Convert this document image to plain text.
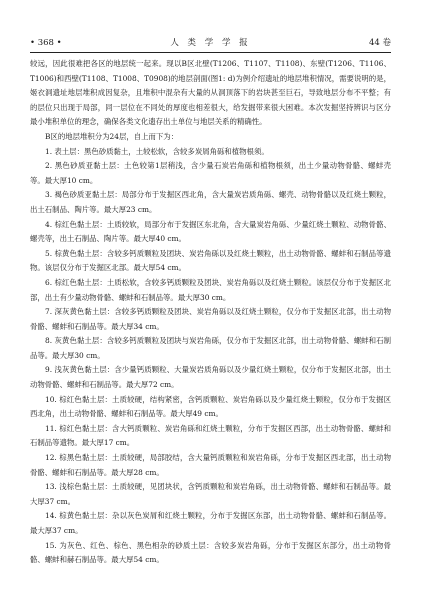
• 368 •	人 类 学 学 报	44 卷

较远，因此很难把各区的地层统一起来。现以B区北壁(T1206、T1107、T1108)、东壁(T1206、T1106、T1006)和西壁(T1108、T1008、T0908)的地层剖面(图1: d)为例介绍遗址的地层堆积情况，需要说明的是，姬衣洞遗址地层堆积成因复杂，且堆积中混杂有大量的从洞顶落下的岩块甚至巨石，导致地层分布不平整；有的层位只出现于局部，同一层位在不同处的厚度也相差很大，给发掘带来很大困难。本次发掘坚持辨识与区分最小堆积单位的理念，确保各类文化遗存出土单位与地层关系的精确性。

B区的地层堆积分为24层，自上而下为：

1. 表土层：黑色砂质黏土，土较松软，含较多炭屑角砾和植物根须。

2. 黑色砂质亚黏土层：土色较第1层稍浅，含少量石炭岩角砾和植物根须，出土少量动物骨骼、螺蚌壳等。最大厚10 cm。

3. 褐色砂质亚黏土层：局部分布于发掘区西北角，含大量炭岩质角砾、螺壳、动物骨骼以及红烧土颗粒，出土石制品、陶片等。最大厚23 cm。

4. 棕红色黏土层：土质较软，局部分布于发掘区东北角，含大量炭岩角砾、少量红烧土颗粒、动物骨骼、螺壳等，出土石制品、陶片等。最大厚40 cm。

5. 棕黄色黏土层：含较多钙质颗粒及团块、炭岩角砾以及红烧土颗粒，出土动物骨骼、螺蚌和石制品等遗物。该层仅分布于发掘区北部。最大厚54 cm。

6. 棕红色黏土层：土质松软，含较多钙质颗粒及团块、炭岩角砾以及红烧土颗粒。该层仅分布于发掘区北部，出土有少量动物骨骼、螺蚌和石制品等。最大厚30 cm。

7. 深灰黄色黏土层：含较多钙质颗粒及团块、炭岩角砾以及红烧土颗粒，仅分布于发掘区北部，出土动物骨骼、螺蚌和石制品等。最大厚34 cm。

8. 灰黄色黏土层：含较多钙质颗粒及团块与炭岩角砾，仅分布于发掘区北部，出土动物骨骼、螺蚌和石制品等。最大厚30 cm。

9. 浅灰黄色黏土层：含少量钙质颗粒、大量炭岩质角砾以及少量红烧土颗粒，仅分布于发掘区北部，出土动物骨骼、螺蚌和石制品等。最大厚72 cm。

10. 棕红色黏土层：土质较硬，结构紧密，含钙质颗粒、炭岩角砾以及少量红烧土颗粒，仅分布于发掘区西北角，出土动物骨骼、螺蚌和石制品等。最大厚49 cm。

11. 棕红色黏土层：含大钙质颗粒、炭岩角砾和红烧土颗粒，分布于发掘区西部，出土动物骨骼、螺蚌和石制品等遗物。最大厚17 cm。

12. 棕黑色黏土层：土质较硬，局部胶结，含大量钙质颗粒和炭岩角砾，分布于发掘区西北部，出土动物骨骼、螺蚌和石制品等。最大厚28 cm。

13. 浅棕色黏土层：土质较硬，见团块状，含钙质颗粒和炭岩角砾，出土动物骨骼、螺蚌和石制品等。最大厚37 cm。

14. 棕黄色黏土层：杂以灰色炭屑和红烧土颗粒，分布于发掘区东部，出土动物骨骼、螺蚌和石制品等。最大厚37 cm。

15. 为灰色、红色、棕色、黑色相杂的砂质土层：含较多炭岩角砾，分布于发掘区东部分，出土动物骨骼、螺蚌和赫石制品等。最大厚54 cm。
